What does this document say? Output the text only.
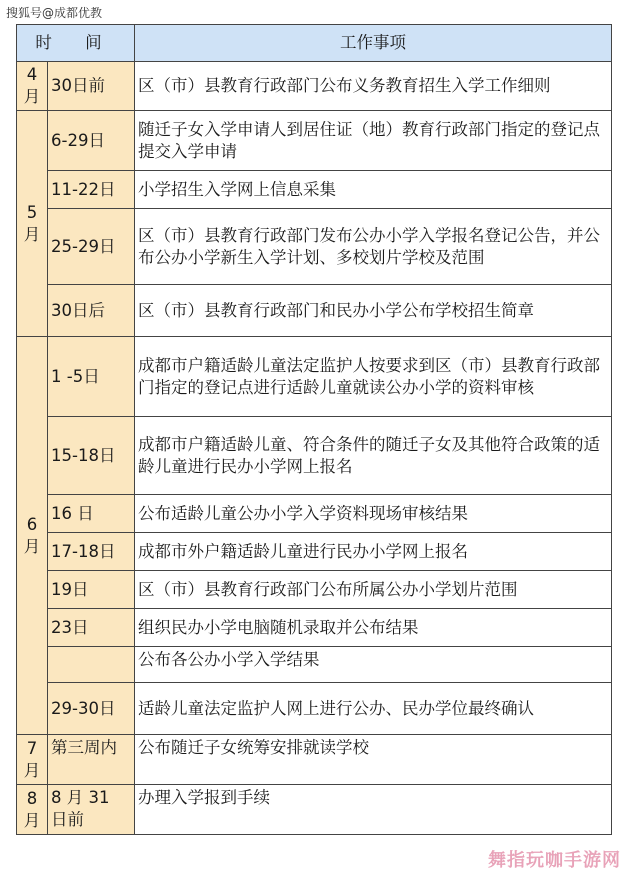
搜狐号@成都优教
时 间		工作事项
4
月	30日前	区（市）县教育行政部门公布义务教育招生入学工作细则
5
月	6-29日	随迁子女入学申请人到居住证（地）教育行政部门指定的登记点提交入学申请
	11-22日	小学招生入学网上信息采集
	25-29日	区（市）县教育行政部门发布公办小学入学报名登记公告，并公布公办小学新生入学计划、多校划片学校及范围
	30日后	区（市）县教育行政部门和民办小学公布学校招生简章
6
月	1 -5日	成都市户籍适龄儿童法定监护人按要求到区（市）县教育行政部门指定的登记点进行适龄儿童就读公办小学的资料审核
	15-18日	成都市户籍适龄儿童、符合条件的随迁子女及其他符合政策的适龄儿童进行民办小学网上报名
	16 日	公布适龄儿童公办小学入学资料现场审核结果
	17-18日	成都市外户籍适龄儿童进行民办小学网上报名
	19日	区（市）县教育行政部门公布所属公办小学划片范围
	23日	组织民办小学电脑随机录取并公布结果
		公布各公办小学入学结果
	29-30日	适龄儿童法定监护人网上进行公办、民办学位最终确认
7
月	第三周内	公布随迁子女统筹安排就读学校
8
月	8 月 31 日前	办理入学报到手续
舞指玩咖手游网
